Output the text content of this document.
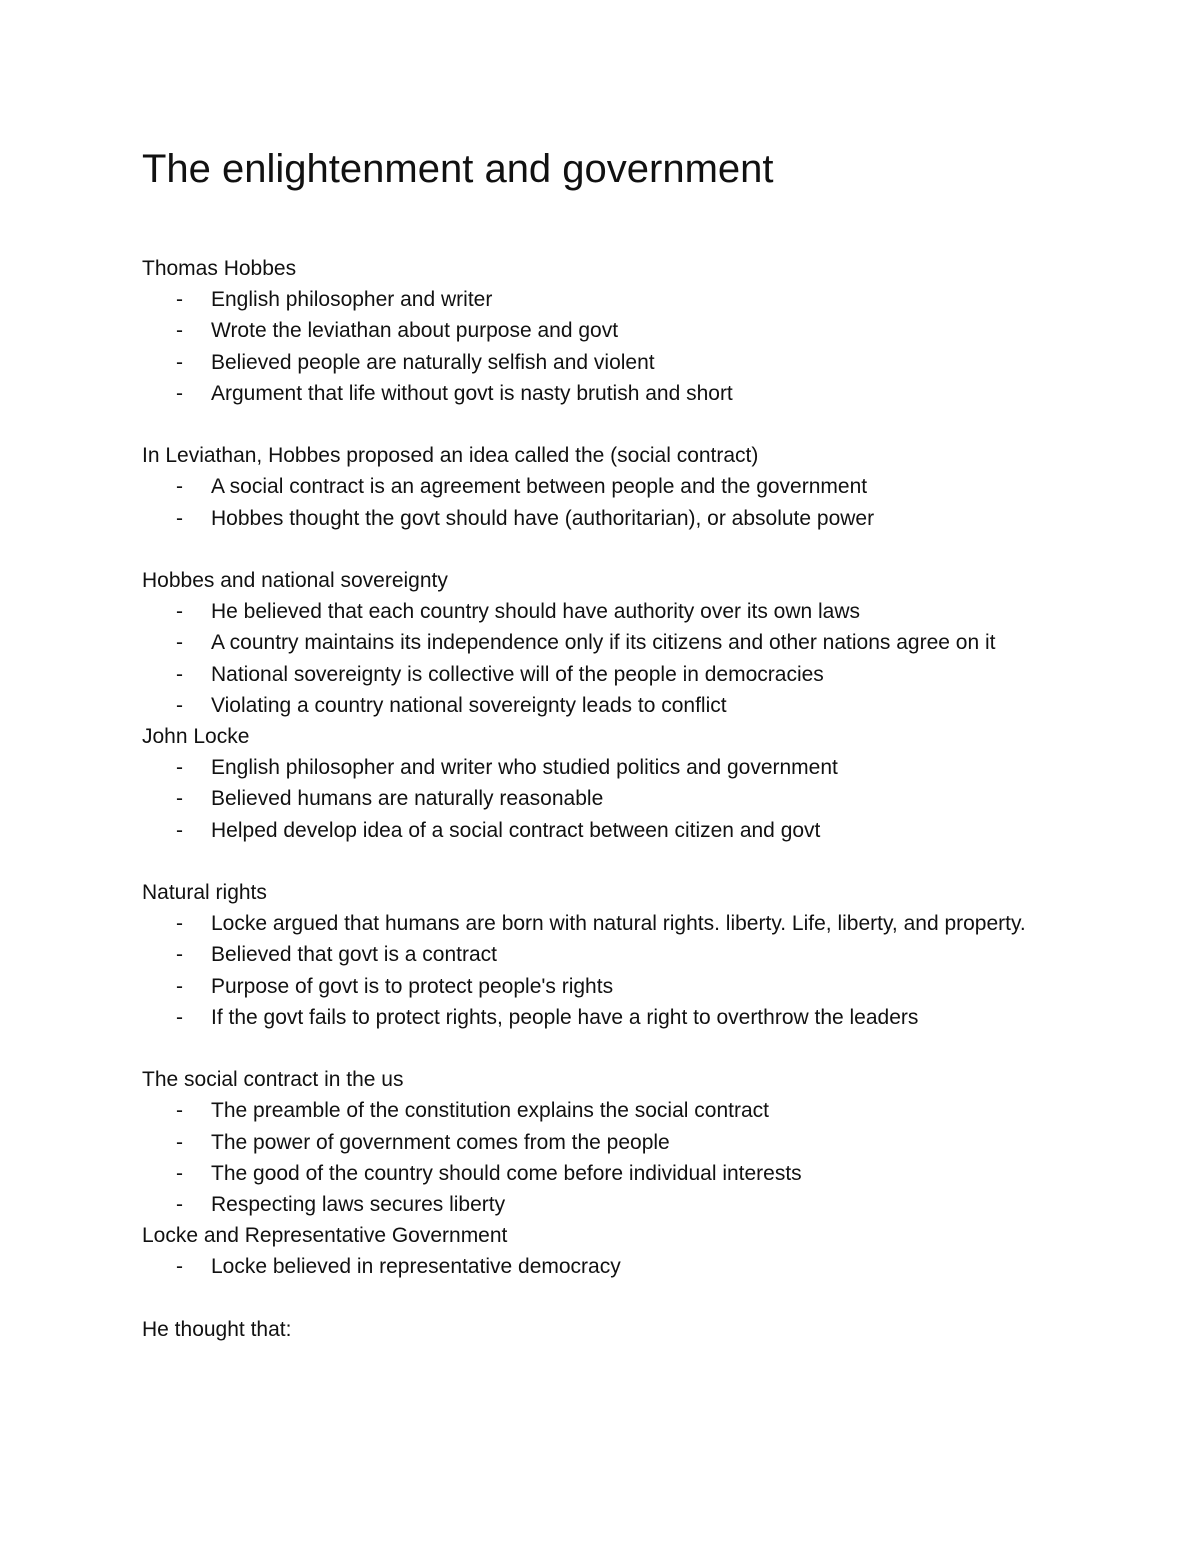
The enlightenment and government

Thomas Hobbes

- English philosopher and writer
- Wrote the leviathan about purpose and govt
- Believed people are naturally selfish and violent
- Argument that life without govt is nasty brutish and short

In Leviathan, Hobbes proposed an idea called the (social contract)

- A social contract is an agreement between people and the government
- Hobbes thought the govt should have (authoritarian), or absolute power

Hobbes and national sovereignty

- He believed that each country should have authority over its own laws
- A country maintains its independence only if its citizens and other nations agree on it
- National sovereignty is collective will of the people in democracies
- Violating a country national sovereignty leads to conflict

John Locke

- English philosopher and writer who studied politics and government
- Believed humans are naturally reasonable
- Helped develop idea of a social contract between citizen and govt

Natural rights

- Locke argued that humans are born with natural rights. liberty. Life, liberty, and property.
- Believed that govt is a contract
- Purpose of govt is to protect people's rights
- If the govt fails to protect rights, people have a right to overthrow the leaders

The social contract in the us

- The preamble of the constitution explains the social contract
- The power of government comes from the people
- The good of the country should come before individual interests
- Respecting laws secures liberty

Locke and Representative Government

- Locke believed in representative democracy

He thought that:
